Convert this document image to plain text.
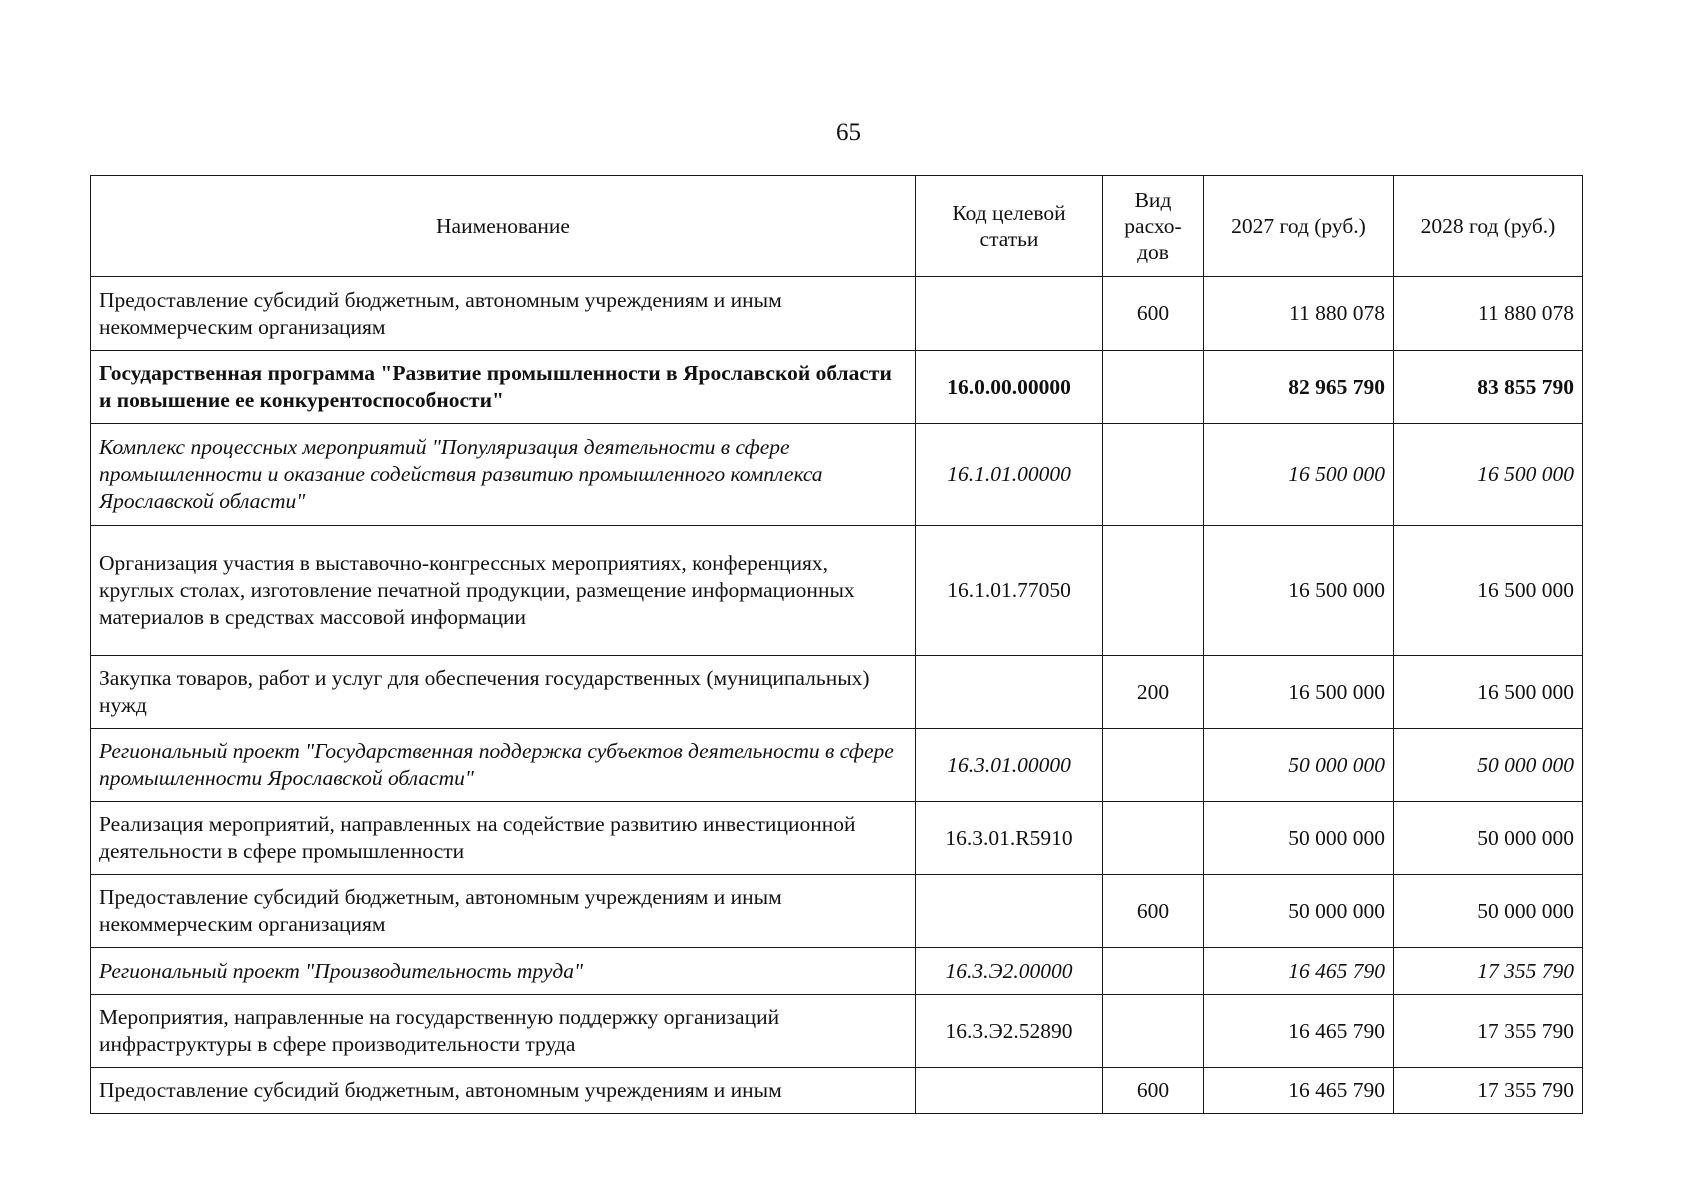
65
Наименование	Код целевой статьи	Вид расхо-дов	2027 год (руб.)	2028 год (руб.)
Предоставление субсидий бюджетным, автономным учреждениям и иным некоммерческим организациям		600	11 880 078	11 880 078
Государственная программа "Развитие промышленности в Ярославской области и повышение ее конкурентоспособности"	16.0.00.00000		82 965 790	83 855 790
Комплекс процессных мероприятий "Популяризация деятельности в сфере промышленности и оказание содействия развитию промышленного комплекса Ярославской области"	16.1.01.00000		16 500 000	16 500 000
Организация участия в выставочно-конгрессных мероприятиях, конференциях, круглых столах, изготовление печатной продукции, размещение информационных материалов в средствах массовой информации	16.1.01.77050		16 500 000	16 500 000
Закупка товаров, работ и услуг для обеспечения государственных (муниципальных) нужд		200	16 500 000	16 500 000
Региональный проект "Государственная поддержка субъектов деятельности в сфере промышленности Ярославской области"	16.3.01.00000		50 000 000	50 000 000
Реализация мероприятий, направленных на содействие развитию инвестиционной деятельности в сфере промышленности	16.3.01.R5910		50 000 000	50 000 000
Предоставление субсидий бюджетным, автономным учреждениям и иным некоммерческим организациям		600	50 000 000	50 000 000
Региональный проект "Производительность труда"	16.3.Э2.00000		16 465 790	17 355 790
Мероприятия, направленные на государственную поддержку организаций инфраструктуры в сфере производительности труда	16.3.Э2.52890		16 465 790	17 355 790
Предоставление субсидий бюджетным, автономным учреждениям и иным		600	16 465 790	17 355 790
